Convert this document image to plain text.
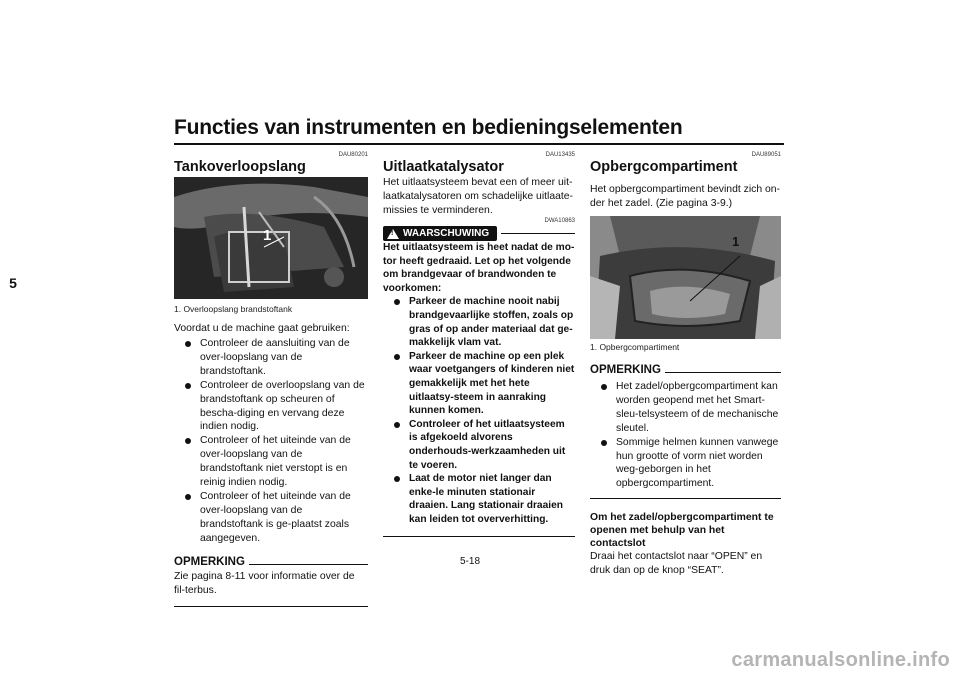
Functies van instrumenten en bedieningselementen
5
DAU80201
Tankoverloopslang
1
1. Overloopslang brandstoftank
Voordat u de machine gaat gebruiken:
Controleer de aansluiting van de over-loopslang van de brandstoftank.
Controleer de overloopslang van de brandstoftank op scheuren of bescha-diging en vervang deze indien nodig.
Controleer of het uiteinde van de over-loopslang van de brandstoftank niet verstopt is en reinig indien nodig.
Controleer of het uiteinde van de over-loopslang van de brandstoftank is ge-plaatst zoals aangegeven.
OPMERKING
Zie pagina 8-11 voor informatie over de fil-terbus.
DAU13435
Uitlaatkatalysator
Het uitlaatsysteem bevat een of meer uit-laatkatalysatoren om schadelijke uitlaate-missies te verminderen.
! WAARSCHUWING
DWA10863
Het uitlaatsysteem is heet nadat de mo-tor heeft gedraaid. Let op het volgende om brandgevaar of brandwonden te voorkomen:
Parkeer de machine nooit nabij brandgevaarlijke stoffen, zoals op gras of op ander materiaal dat ge-makkelijk vlam vat.
Parkeer de machine op een plek waar voetgangers of kinderen niet gemakkelijk met het hete uitlaatsy-steem in aanraking kunnen komen.
Controleer of het uitlaatsysteem is afgekoeld alvorens onderhouds-werkzaamheden uit te voeren.
Laat de motor niet langer dan enke-le minuten stationair draaien. Lang stationair draaien kan leiden tot oververhitting.
DAU89051
Opbergcompartiment
Het opbergcompartiment bevindt zich on-der het zadel. (Zie pagina 3-9.)
1
1. Opbergcompartiment
OPMERKING
Het zadel/opbergcompartiment kan worden geopend met het Smart-sleu-telsysteem of de mechanische sleutel.
Sommige helmen kunnen vanwege hun grootte of vorm niet worden weg-geborgen in het opbergcompartiment.
Om het zadel/opbergcompartiment te openen met behulp van het contactslot
Draai het contactslot naar “OPEN” en druk dan op de knop “SEAT”.
5-18
carmanualsonline.info
